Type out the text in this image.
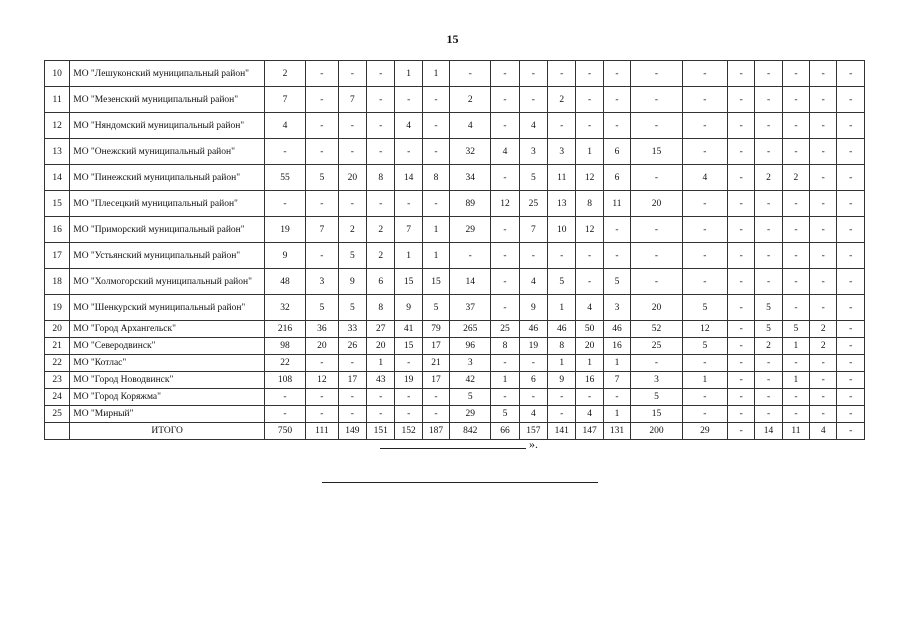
15
10	МО "Лешуконский муниципальный район"	2	-	-	-	1	1	-	-	-	-	-	-	-	-	-	-	-	-	-
11	МО "Мезенский муниципальный район"	7	-	7	-	-	-	2	-	-	2	-	-	-	-	-	-	-	-	-
12	МО "Няндомский муниципальный район"	4	-	-	-	4	-	4	-	4	-	-	-	-	-	-	-	-	-	-
13	МО "Онежский муниципальный район"	-	-	-	-	-	-	32	4	3	3	1	6	15	-	-	-	-	-	-
14	МО "Пинежский муниципальный район"	55	5	20	8	14	8	34	-	5	11	12	6	-	4	-	2	2	-	-
15	МО "Плесецкий муниципальный район"	-	-	-	-	-	-	89	12	25	13	8	11	20	-	-	-	-	-	-
16	МО "Приморский муниципальный район"	19	7	2	2	7	1	29	-	7	10	12	-	-	-	-	-	-	-	-
17	МО "Устьянский муниципальный район"	9	-	5	2	1	1	-	-	-	-	-	-	-	-	-	-	-	-	-
18	МО "Холмогорский муниципальный район"	48	3	9	6	15	15	14	-	4	5	-	5	-	-	-	-	-	-	-
19	МО "Шенкурский муниципальный район"	32	5	5	8	9	5	37	-	9	1	4	3	20	5	-	5	-	-	-
20	МО "Город Архангельск"	216	36	33	27	41	79	265	25	46	46	50	46	52	12	-	5	5	2	-
21	МО "Северодвинск"	98	20	26	20	15	17	96	8	19	8	20	16	25	5	-	2	1	2	-
22	МО "Котлас"	22	-	-	1	-	21	3	-	-	1	1	1	-	-	-	-	-	-	-
23	МО "Город Новодвинск"	108	12	17	43	19	17	42	1	6	9	16	7	3	1	-	-	1	-	-
24	МО "Город Коряжма"	-	-	-	-	-	-	5	-	-	-	-	-	5	-	-	-	-	-	-
25	МО "Мирный"	-	-	-	-	-	-	29	5	4	-	4	1	15	-	-	-	-	-	-
	ИТОГО	750	111	149	151	152	187	842	66	157	141	147	131	200	29	-	14	11	4	-
».
